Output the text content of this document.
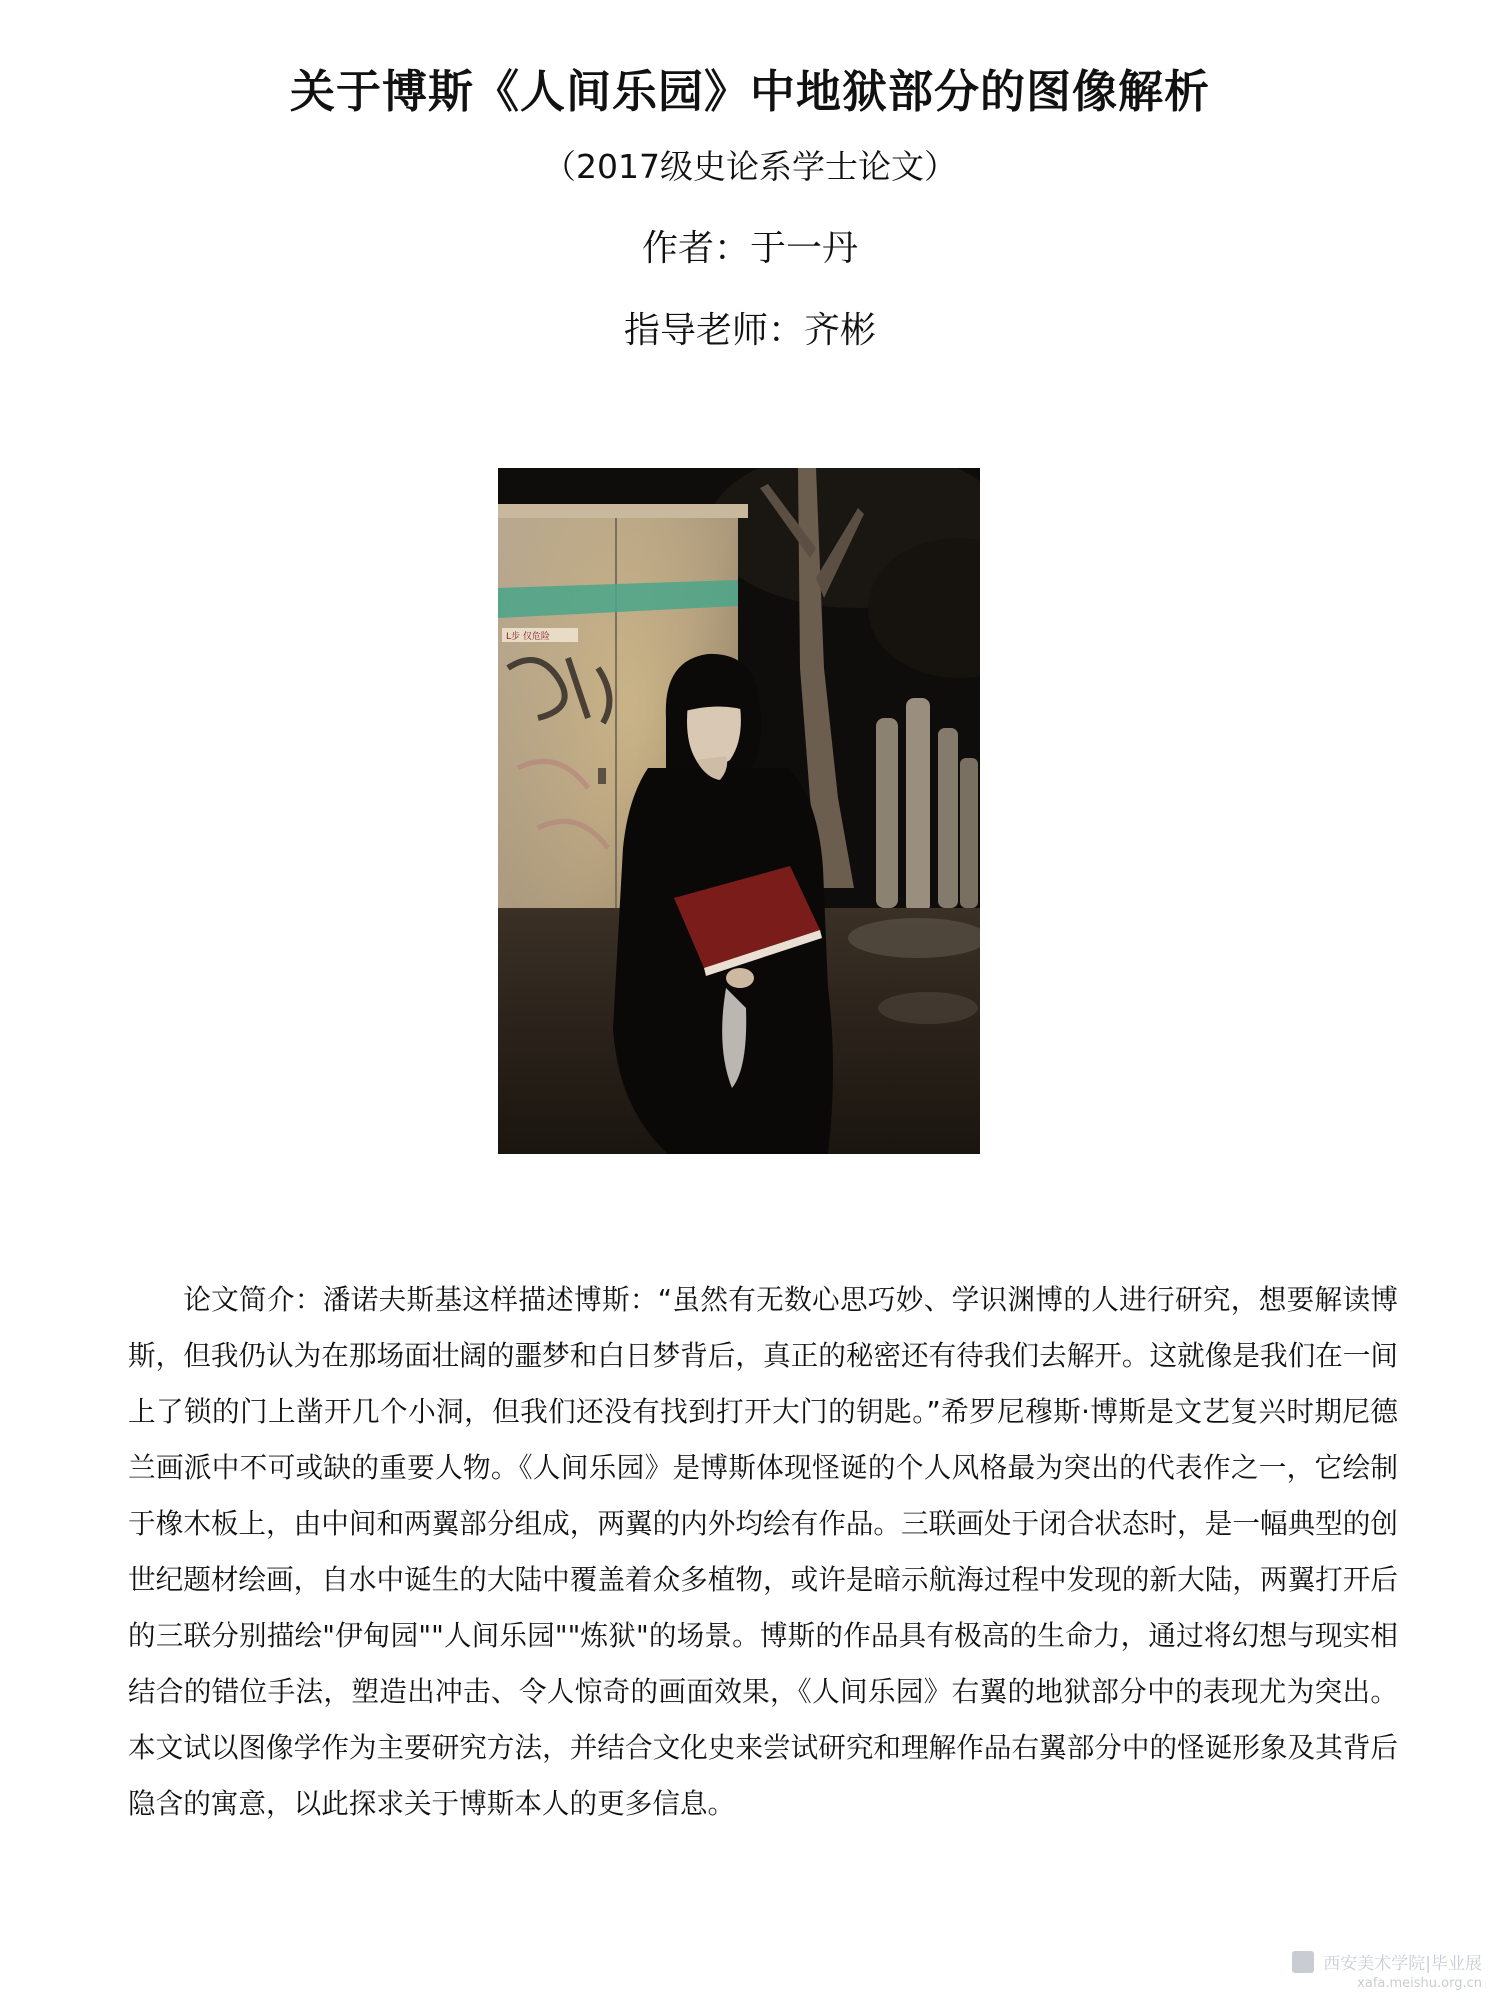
关于博斯《人间乐园》中地狱部分的图像解析
（2017级史论系学士论文）
作者：于一丹
指导老师：齐彬
L步 仅危险

论文简介：潘诺夫斯基这样描述博斯：“虽然有无数心思巧妙、学识渊博的人进行研究，想要解读博斯，但我仍认为在那场面壮阔的噩梦和白日梦背后，真正的秘密还有待我们去解开。这就像是我们在一间上了锁的门上凿开几个小洞，但我们还没有找到打开大门的钥匙。”希罗尼穆斯·博斯是文艺复兴时期尼德兰画派中不可或缺的重要人物。《人间乐园》是博斯体现怪诞的个人风格最为突出的代表作之一，它绘制于橡木板上，由中间和两翼部分组成，两翼的内外均绘有作品。三联画处于闭合状态时，是一幅典型的创世纪题材绘画，自水中诞生的大陆中覆盖着众多植物，或许是暗示航海过程中发现的新大陆，两翼打开后的三联分别描绘"伊甸园""人间乐园""炼狱"的场景。博斯的作品具有极高的生命力，通过将幻想与现实相结合的错位手法，塑造出冲击、令人惊奇的画面效果，《人间乐园》右翼的地狱部分中的表现尤为突出。本文试以图像学作为主要研究方法，并结合文化史来尝试研究和理解作品右翼部分中的怪诞形象及其背后隐含的寓意，以此探求关于博斯本人的更多信息。

西安美术学院|毕业展
xafa.meishu.org.cn
